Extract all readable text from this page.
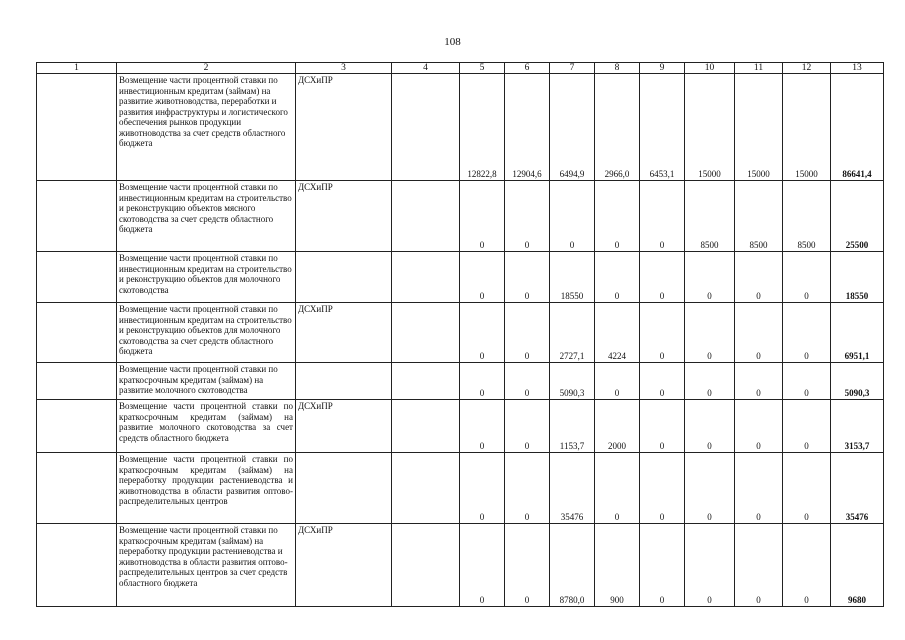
108
1	2	3	4	5	6	7	8	9	10	11	12	13
	Возмещение части процентной ставки по инвестиционным кредитам (займам) на развитие животноводства, переработки и развития инфраструктуры и логистического обеспечения рынков продукции животноводства за счет средств областного бюджета	ДСХиПР		12822,8	12904,6	6494,9	2966,0	6453,1	15000	15000	15000	86641,4
	Возмещение части процентной ставки по инвестиционным кредитам на строительство и реконструкцию объектов мясного скотоводства за счет средств областного бюджета	ДСХиПР		0	0	0	0	0	8500	8500	8500	25500
	Возмещение части процентной ставки по инвестиционным кредитам на строительство и реконструкцию объектов для молочного скотоводства			0	0	18550	0	0	0	0	0	18550
	Возмещение части процентной ставки по инвестиционным кредитам на строительство и реконструкцию объектов для молочного скотоводства за счет средств областного бюджета	ДСХиПР		0	0	2727,1	4224	0	0	0	0	6951,1
	Возмещение части процентной ставки по краткосрочным кредитам (займам) на развитие молочного скотоводства			0	0	5090,3	0	0	0	0	0	5090,3
	Возмещение части процентной ставки по краткосрочным кредитам (займам) на развитие молочного скотоводства за счет средств областного бюджета	ДСХиПР		0	0	1153,7	2000	0	0	0	0	3153,7
	Возмещение части процентной ставки по краткосрочным кредитам (займам) на переработку продукции растениеводства и животноводства в области развития оптово-распределительных центров			0	0	35476	0	0	0	0	0	35476
	Возмещение части процентной ставки по краткосрочным кредитам (займам) на переработку продукции растениеводства и животноводства в области развития оптово-распределительных центров за счет средств областного бюджета	ДСХиПР		0	0	8780,0	900	0	0	0	0	9680
